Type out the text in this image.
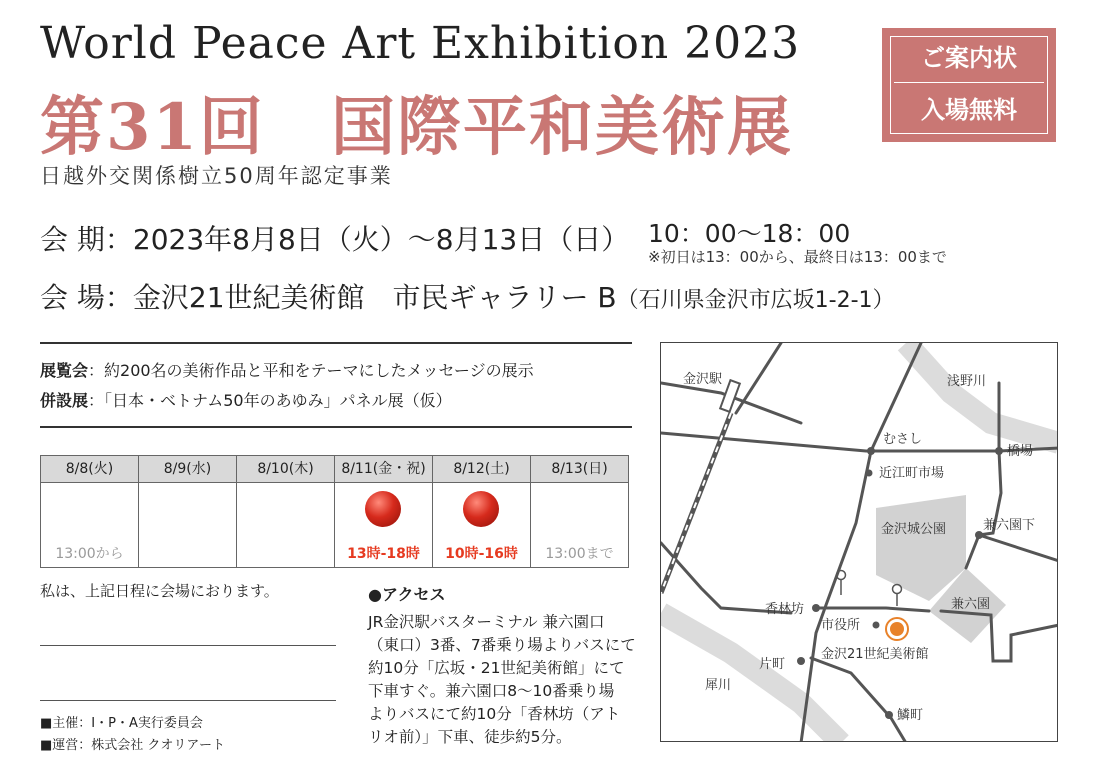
World Peace Art Exhibition 2023
第31回　国際平和美術展
ご案内状
入場無料
日越外交関係樹立50周年認定事業
会 期：2023年8月8日（火）～8月13日（日） 10：00～18：00
※初日は13：00から、最終日は13：00まで
会 場：金沢21世紀美術館　市民ギャラリー B（石川県金沢市広坂1-2-1）
展覧会：約200名の美術作品と平和をテーマにしたメッセージの展示
併設展：「日本・ベトナム50年のあゆみ」パネル展（仮）
8/8(火)	8/9(水)	8/10(木)	8/11(金・祝)	8/12(土)	8/13(日)

13:00から			13時-18時	10時-16時	13:00まで
私は、上記日程に会場におります。
■主催：I・P・A実行委員会
■運営：株式会社 クオリアート
●アクセス
JR金沢駅バスターミナル 兼六園口
（東口）3番、7番乗り場よりバスにて
約10分「広坂・21世紀美術館」にて
下車すぐ。兼六園口8～10番乗り場
よりバスにて約10分「香林坊（アト
リオ前）」下車、徒歩約5分。
金沢駅	浅野川
むさし
近江町市場
橋場
金沢城公園	兼六園下
香林坊
市役所
兼六園
片町
金沢21世紀美術館
犀川
鱗町
